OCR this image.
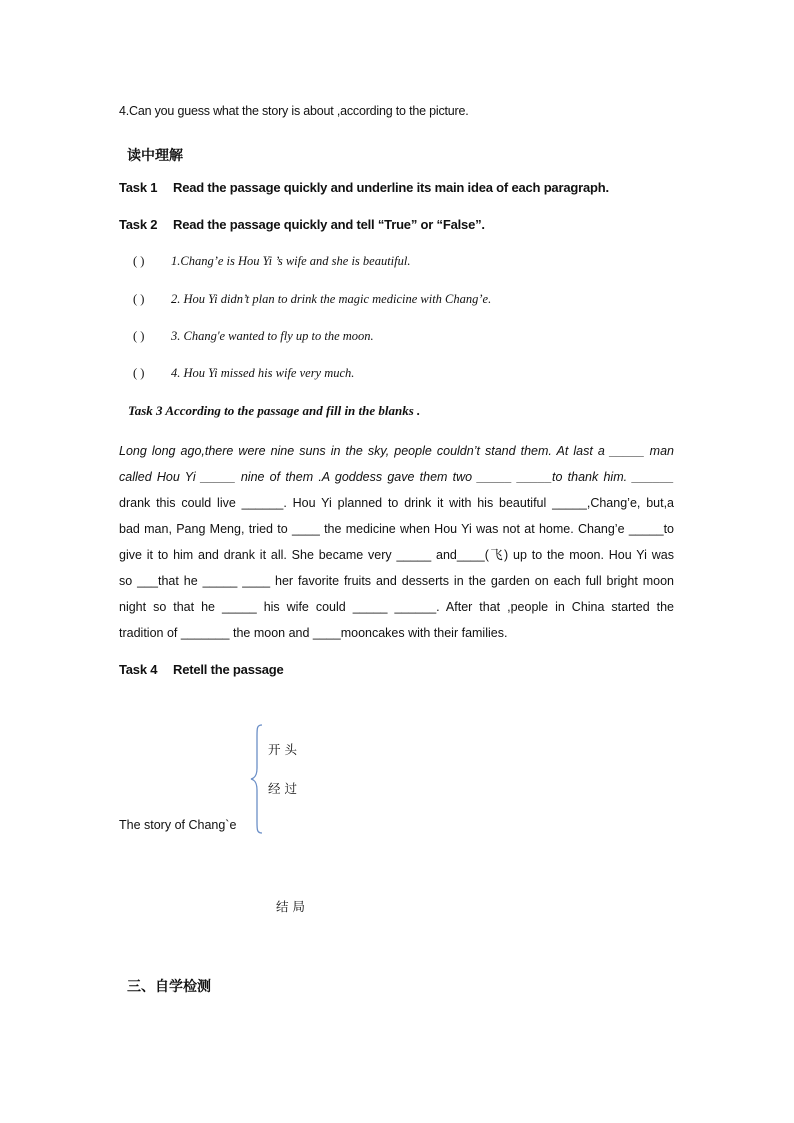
4.Can you guess what the story is about ,according to the picture.
读中理解
Task 1 Read the passage quickly and underline its main idea of each paragraph.
Task 2 Read the passage quickly and tell “True” or “False”.
( ) 1.Chang’e is Hou Yi ’s wife and she is beautiful.
( ) 2. Hou Yi didn’t plan to drink the magic medicine with Chang’e.
( ) 3. Chang'e wanted to fly up to the moon.
( ) 4. Hou Yi missed his wife very much.
Task 3 According to the passage and fill in the blanks .
Long long ago,there were nine suns in the sky, people couldn’t stand them. At last a _____ man
called Hou Yi _____ nine of them .A goddess gave them two _____ _____to thank him. ______
drank this could live ______. Hou Yi planned to drink it with his beautiful _____,Chang’e, but,a
bad man, Pang Meng, tried to ____ the medicine when Hou Yi was not at home. Chang’e _____to
give it to him and drank it all. She became very _____ and____(飞) up to the moon. Hou Yi was
so ___that he _____ ____ her favorite fruits and desserts in the garden on each full bright moon
night so that he _____ his wife could _____ ______. After that ,people in China started the
tradition of _______ the moon and ____mooncakes with their families.
Task 4 Retell the passage
开 头
经 过
The story of Chang`e
结 局
三、自学检测
